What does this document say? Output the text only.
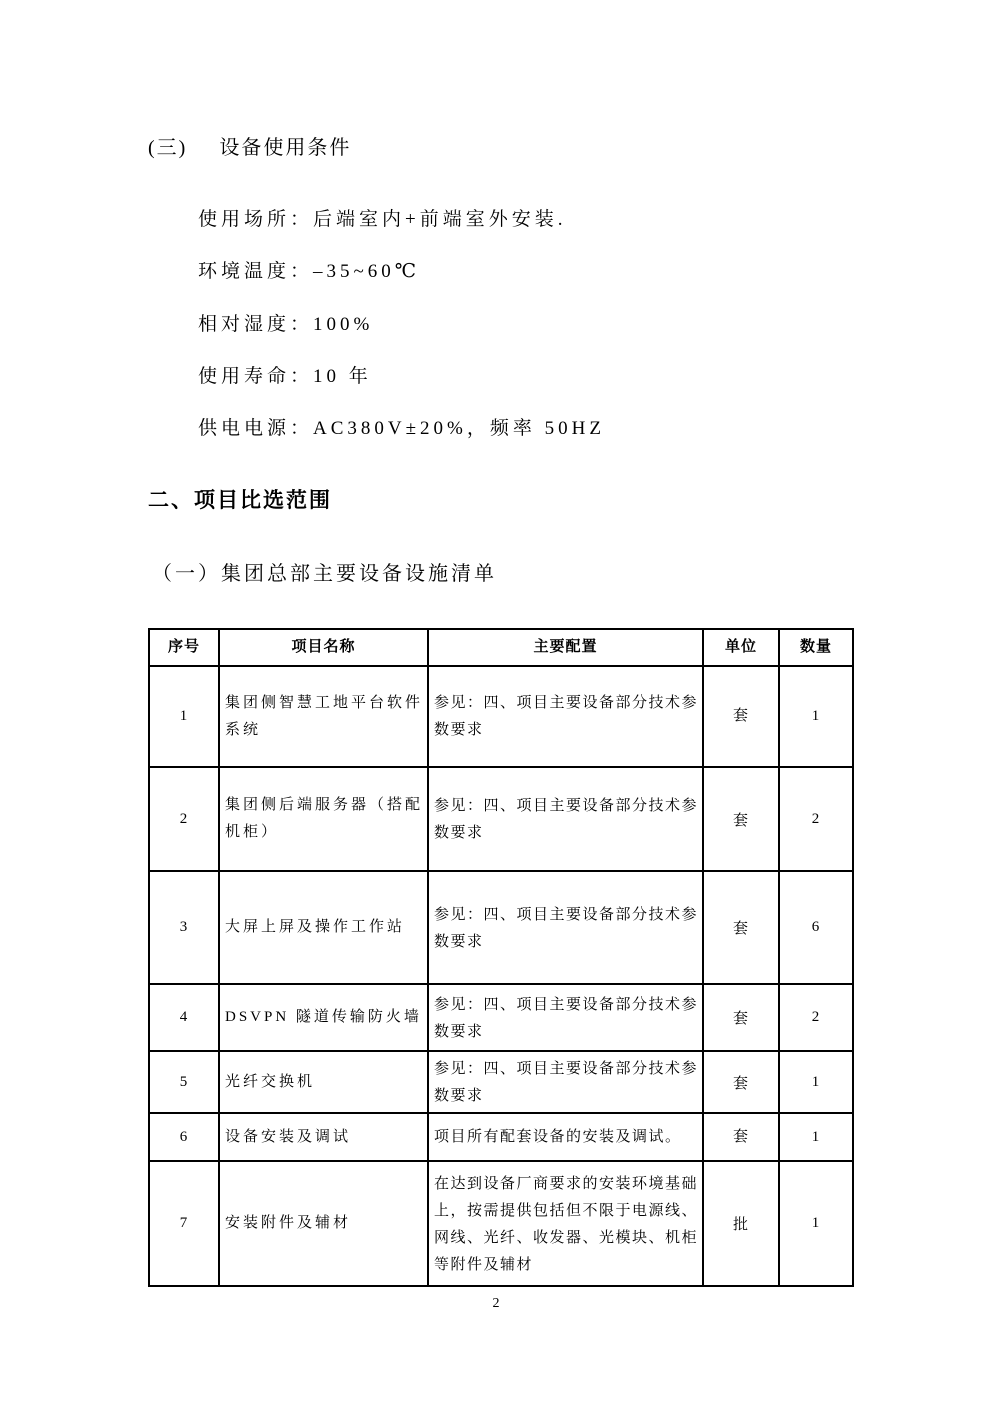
(三) 设备使用条件

使用场所：后端室内+前端室外安装.

环境温度：–35~60℃

相对湿度：100%

使用寿命：10 年

供电电源：AC380V±20%，频率 50HZ

二、项目比选范围
（一）集团总部主要设备设施清单
序号	项目名称	主要配置	单位	数量
1	集团侧智慧工地平台软件系统	参见：四、项目主要设备部分技术参数要求	套	1
2	集团侧后端服务器（搭配机柜）	参见：四、项目主要设备部分技术参数要求	套	2
3	大屏上屏及操作工作站	参见：四、项目主要设备部分技术参数要求	套	6
4	DSVPN 隧道传输防火墙	参见：四、项目主要设备部分技术参数要求	套	2
5	光纤交换机	参见：四、项目主要设备部分技术参数要求	套	1
6	设备安装及调试	项目所有配套设备的安装及调试。	套	1
7	安装附件及辅材	在达到设备厂商要求的安装环境基础上，按需提供包括但不限于电源线、网线、光纤、收发器、光模块、机柜等附件及辅材	批	1
2
